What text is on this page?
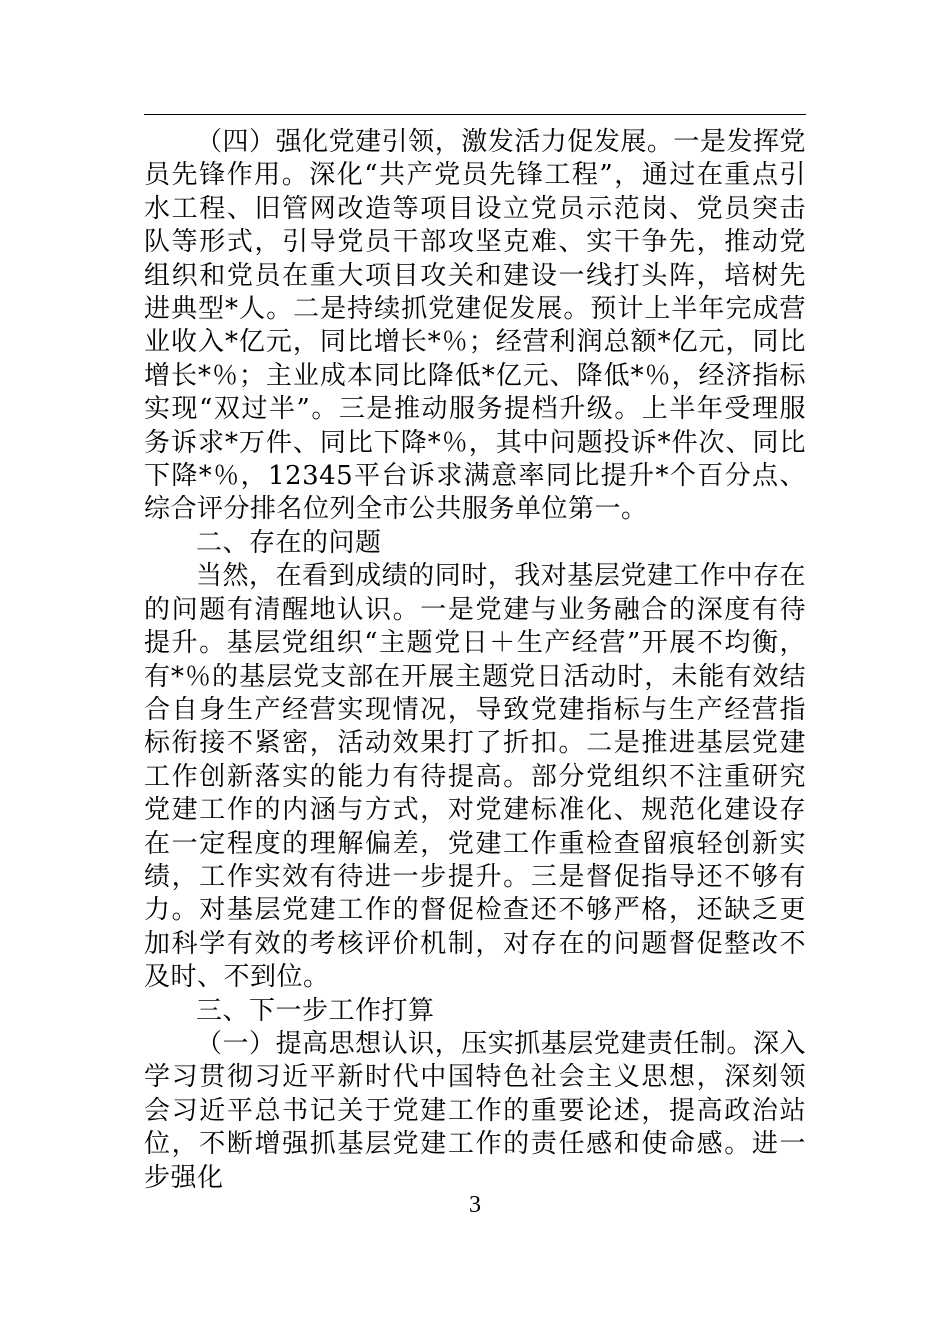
（四）强化党建引领，激发活力促发展。一是发挥党员先锋作用。深化“共产党员先锋工程”，通过在重点引水工程、旧管网改造等项目设立党员示范岗、党员突击队等形式，引导党员干部攻坚克难、实干争先，推动党组织和党员在重大项目攻关和建设一线打头阵，培树先进典型*人。二是持续抓党建促发展。预计上半年完成营业收入*亿元，同比增长*％；经营利润总额*亿元，同比增长*％；主业成本同比降低*亿元、降低*％，经济指标实现“双过半”。三是推动服务提档升级。上半年受理服务诉求*万件、同比下降*％，其中问题投诉*件次、同比下降*％，12345平台诉求满意率同比提升*个百分点、综合评分排名位列全市公共服务单位第一。

二、存在的问题

当然，在看到成绩的同时，我对基层党建工作中存在的问题有清醒地认识。一是党建与业务融合的深度有待提升。基层党组织“主题党日＋生产经营”开展不均衡，有*％的基层党支部在开展主题党日活动时，未能有效结合自身生产经营实现情况，导致党建指标与生产经营指标衔接不紧密，活动效果打了折扣。二是推进基层党建工作创新落实的能力有待提高。部分党组织不注重研究党建工作的内涵与方式，对党建标准化、规范化建设存在一定程度的理解偏差，党建工作重检查留痕轻创新实绩，工作实效有待进一步提升。三是督促指导还不够有力。对基层党建工作的督促检查还不够严格，还缺乏更加科学有效的考核评价机制，对存在的问题督促整改不及时、不到位。

三、下一步工作打算

（一）提高思想认识，压实抓基层党建责任制。深入学习贯彻习近平新时代中国特色社会主义思想，深刻领会习近平总书记关于党建工作的重要论述，提高政治站位，不断增强抓基层党建工作的责任感和使命感。进一步强化

3
